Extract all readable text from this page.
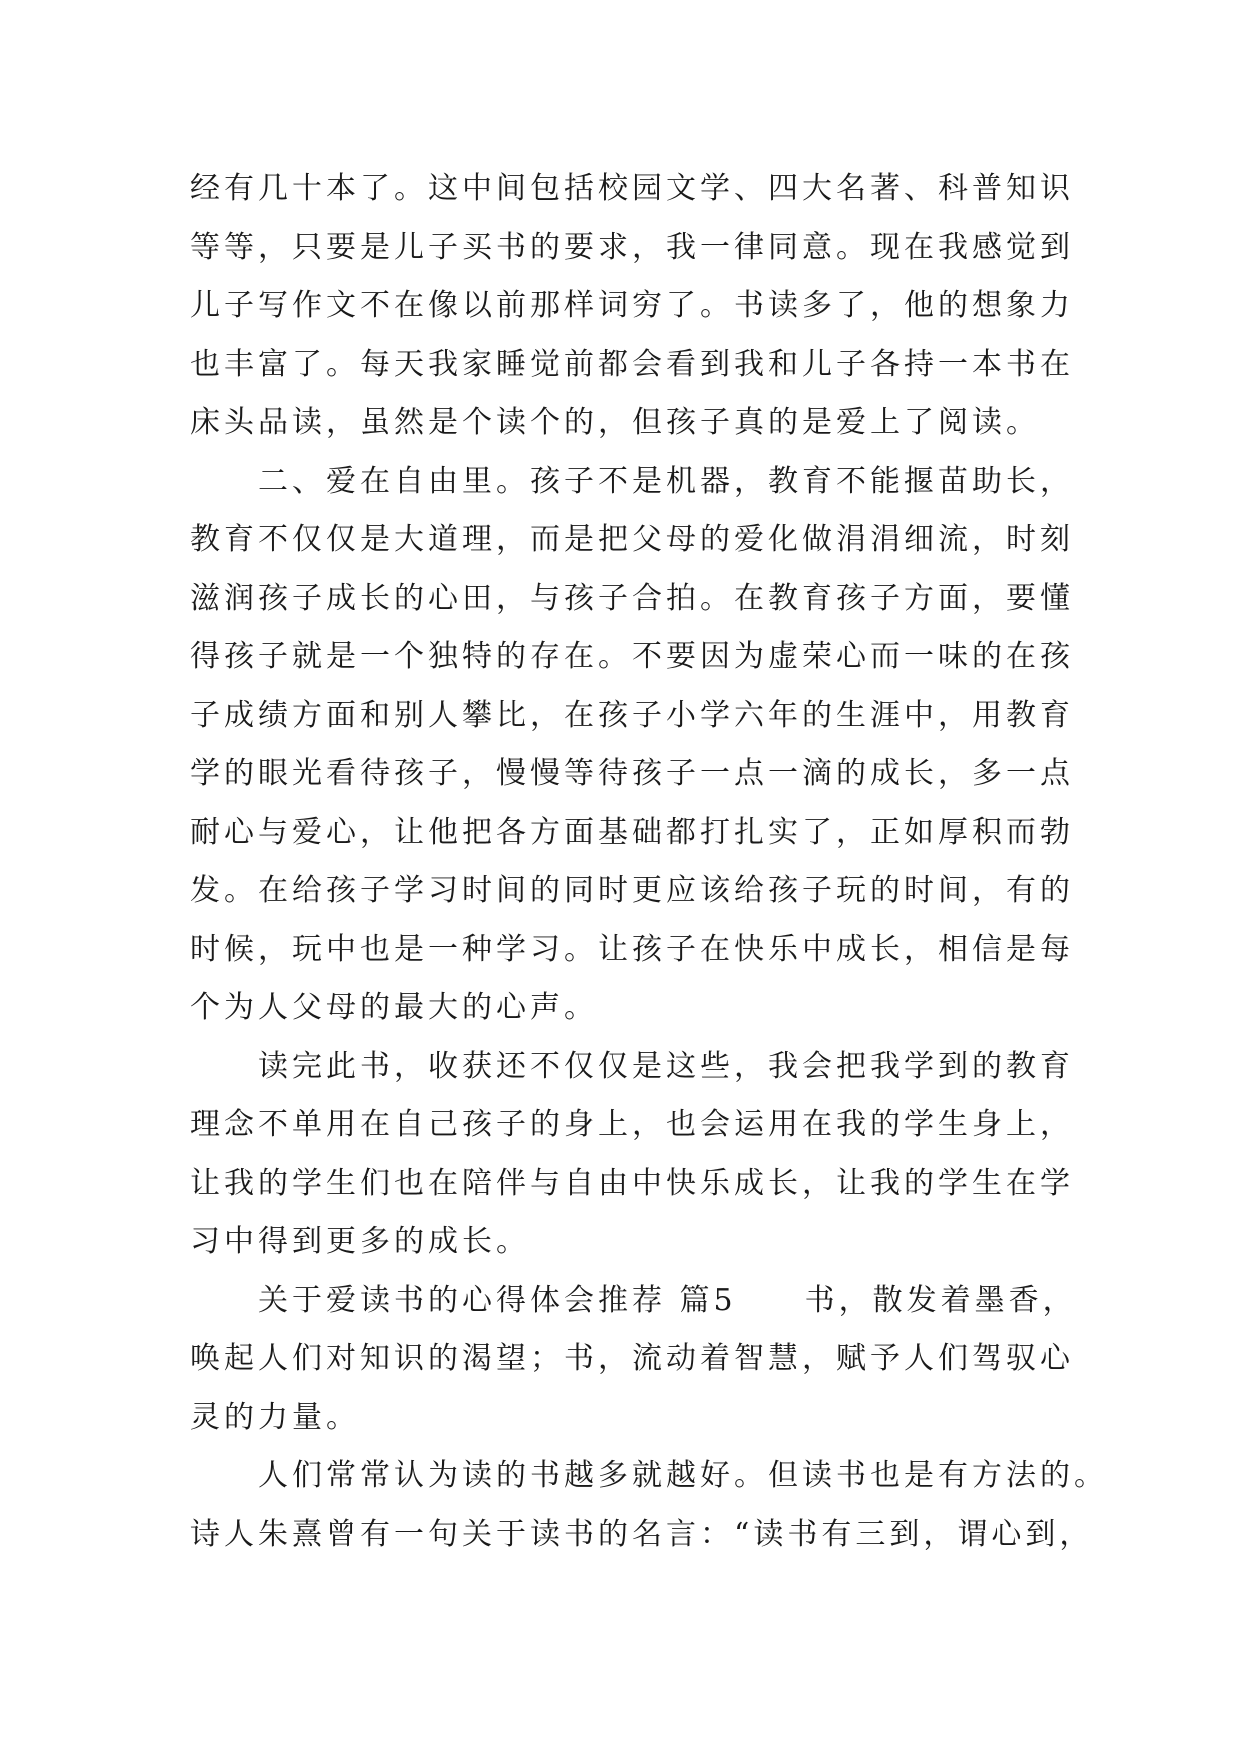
经有几十本了。这中间包括校园文学、四大名著、科普知识
等等，只要是儿子买书的要求，我一律同意。现在我感觉到
儿子写作文不在像以前那样词穷了。书读多了，他的想象力
也丰富了。每天我家睡觉前都会看到我和儿子各持一本书在
床头品读，虽然是个读个的，但孩子真的是爱上了阅读。
二、爱在自由里。孩子不是机器，教育不能揠苗助长，
教育不仅仅是大道理，而是把父母的爱化做涓涓细流，时刻
滋润孩子成长的心田，与孩子合拍。在教育孩子方面，要懂
得孩子就是一个独特的存在。不要因为虚荣心而一味的在孩
子成绩方面和别人攀比，在孩子小学六年的生涯中，用教育
学的眼光看待孩子，慢慢等待孩子一点一滴的成长，多一点
耐心与爱心，让他把各方面基础都打扎实了，正如厚积而勃
发。在给孩子学习时间的同时更应该给孩子玩的时间，有的
时候，玩中也是一种学习。让孩子在快乐中成长，相信是每
个为人父母的最大的心声。
读完此书，收获还不仅仅是这些，我会把我学到的教育
理念不单用在自己孩子的身上，也会运用在我的学生身上，
让我的学生们也在陪伴与自由中快乐成长，让我的学生在学
习中得到更多的成长。
关于爱读书的心得体会推荐 篇5　　书，散发着墨香，
唤起人们对知识的渴望；书，流动着智慧，赋予人们驾驭心
灵的力量。
人们常常认为读的书越多就越好。但读书也是有方法的。
诗人朱熹曾有一句关于读书的名言：“读书有三到，谓心到，
